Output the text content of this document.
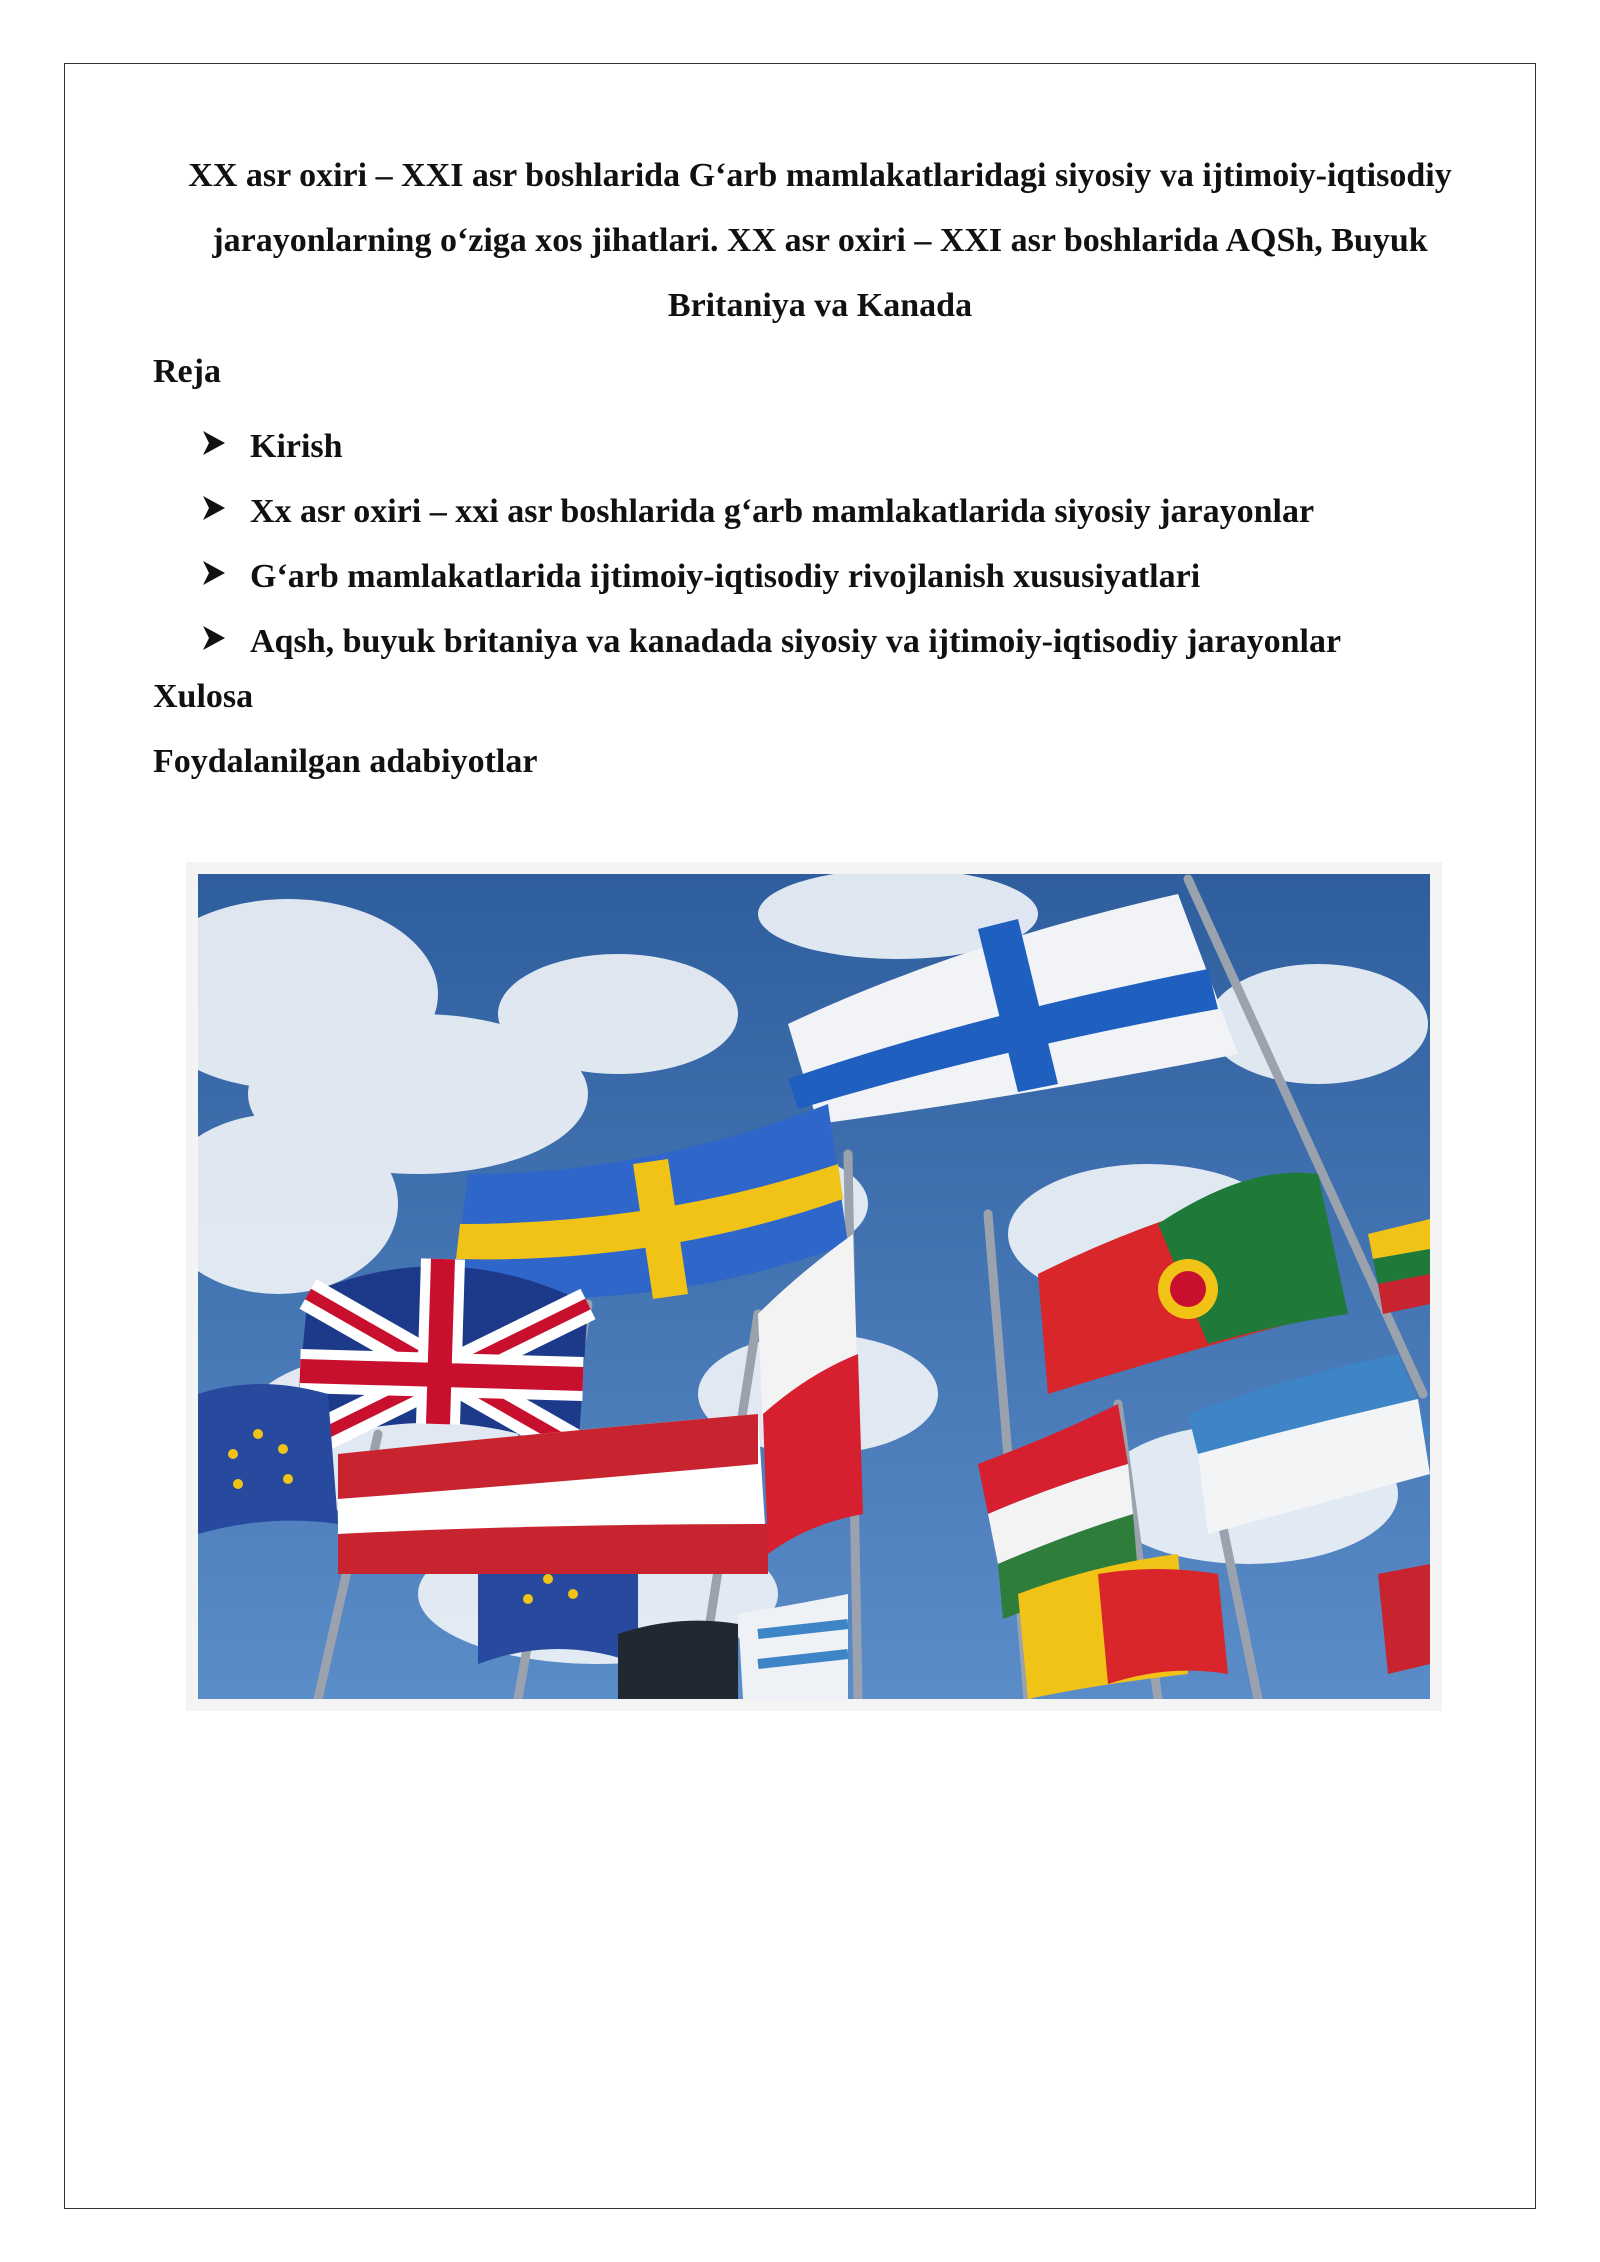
XX asr oxiri – XXI asr boshlarida G‘arb mamlakatlaridagi siyosiy va ijtimoiy-iqtisodiy jarayonlarning o‘ziga xos jihatlari. XX asr oxiri – XXI asr boshlarida AQSh, Buyuk Britaniya va Kanada
Reja
Kirish
Xx asr oxiri – xxi asr boshlarida g‘arb mamlakatlarida siyosiy jarayonlar
G‘arb mamlakatlarida ijtimoiy-iqtisodiy rivojlanish xususiyatlari
Aqsh, buyuk britaniya va kanadada siyosiy va ijtimoiy-iqtisodiy jarayonlar
Xulosa
Foydalanilgan adabiyotlar
